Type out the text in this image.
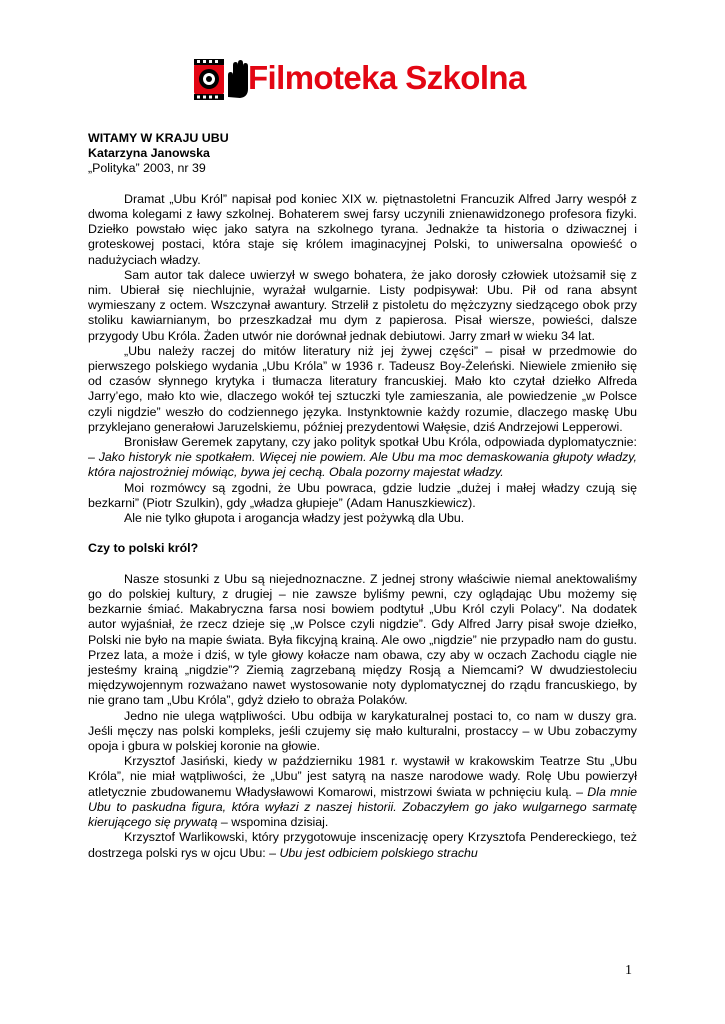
Filmoteka Szkolna

WITAMY W KRAJU UBU

Katarzyna Janowska

„Polityka” 2003, nr 39

Dramat „Ubu Król” napisał pod koniec XIX w. piętnastoletni Francuzik Alfred Jarry wespół z dwoma kolegami z ławy szkolnej. Bohaterem swej farsy uczynili znienawidzonego profesora fizyki. Dziełko powstało więc jako satyra na szkolnego tyrana. Jednakże ta historia o dziwacznej i groteskowej postaci, która staje się królem imaginacyjnej Polski, to uniwersalna opowieść o nadużyciach władzy.

Sam autor tak dalece uwierzył w swego bohatera, że jako dorosły człowiek utożsamił się z nim. Ubierał się niechlujnie, wyrażał wulgarnie. Listy podpisywał: Ubu. Pił od rana absynt wymieszany z octem. Wszczynał awantury. Strzelił z pistoletu do mężczyzny siedzącego obok przy stoliku kawiarnianym, bo przeszkadzał mu dym z papierosa. Pisał wiersze, powieści, dalsze przygody Ubu Króla. Żaden utwór nie dorównał jednak debiutowi. Jarry zmarł w wieku 34 lat.

„Ubu należy raczej do mitów literatury niż jej żywej części” – pisał w przedmowie do pierwszego polskiego wydania „Ubu Króla” w 1936 r. Tadeusz Boy-Żeleński. Niewiele zmieniło się od czasów słynnego krytyka i tłumacza literatury francuskiej. Mało kto czytał dziełko Alfreda Jarry’ego, mało kto wie, dlaczego wokół tej sztuczki tyle zamieszania, ale powiedzenie „w Polsce czyli nigdzie” weszło do codziennego języka. Instynktownie każdy rozumie, dlaczego maskę Ubu przyklejano generałowi Jaruzelskiemu, później prezydentowi Wałęsie, dziś Andrzejowi Lepperowi.

Bronisław Geremek zapytany, czy jako polityk spotkał Ubu Króla, odpowiada dyplomatycznie: – Jako historyk nie spotkałem. Więcej nie powiem. Ale Ubu ma moc demaskowania głupoty władzy, która najostrożniej mówiąc, bywa jej cechą. Obala pozorny majestat władzy.

Moi rozmówcy są zgodni, że Ubu powraca, gdzie ludzie „dużej i małej władzy czują się bezkarni” (Piotr Szulkin), gdy „władza głupieje” (Adam Hanuszkiewicz).

Ale nie tylko głupota i arogancja władzy jest pożywką dla Ubu.

Czy to polski król?

Nasze stosunki z Ubu są niejednoznaczne. Z jednej strony właściwie niemal anektowaliśmy go do polskiej kultury, z drugiej – nie zawsze byliśmy pewni, czy oglądając Ubu możemy się bezkarnie śmiać. Makabryczna farsa nosi bowiem podtytuł „Ubu Król czyli Polacy”. Na dodatek autor wyjaśniał, że rzecz dzieje się „w Polsce czyli nigdzie”. Gdy Alfred Jarry pisał swoje dziełko, Polski nie było na mapie świata. Była fikcyjną krainą. Ale owo „nigdzie” nie przypadło nam do gustu. Przez lata, a może i dziś, w tyle głowy kołacze nam obawa, czy aby w oczach Zachodu ciągle nie jesteśmy krainą „nigdzie”? Ziemią zagrzebaną między Rosją a Niemcami? W dwudziestoleciu międzywojennym rozważano nawet wystosowanie noty dyplomatycznej do rządu francuskiego, by nie grano tam „Ubu Króla”, gdyż dzieło to obraża Polaków.

Jedno nie ulega wątpliwości. Ubu odbija w karykaturalnej postaci to, co nam w duszy gra. Jeśli męczy nas polski kompleks, jeśli czujemy się mało kulturalni, prostaccy – w Ubu zobaczymy opoja i gbura w polskiej koronie na głowie.

Krzysztof Jasiński, kiedy w październiku 1981 r. wystawił w krakowskim Teatrze Stu „Ubu Króla”, nie miał wątpliwości, że „Ubu” jest satyrą na nasze narodowe wady. Rolę Ubu powierzył atletycznie zbudowanemu Władysławowi Komarowi, mistrzowi świata w pchnięciu kulą. – Dla mnie Ubu to paskudna figura, która wyłazi z naszej historii. Zobaczyłem go jako wulgarnego sarmatę kierującego się prywatą – wspomina dzisiaj.

Krzysztof Warlikowski, który przygotowuje inscenizację opery Krzysztofa Pendereckiego, też dostrzega polski rys w ojcu Ubu: – Ubu jest odbiciem polskiego strachu

1
